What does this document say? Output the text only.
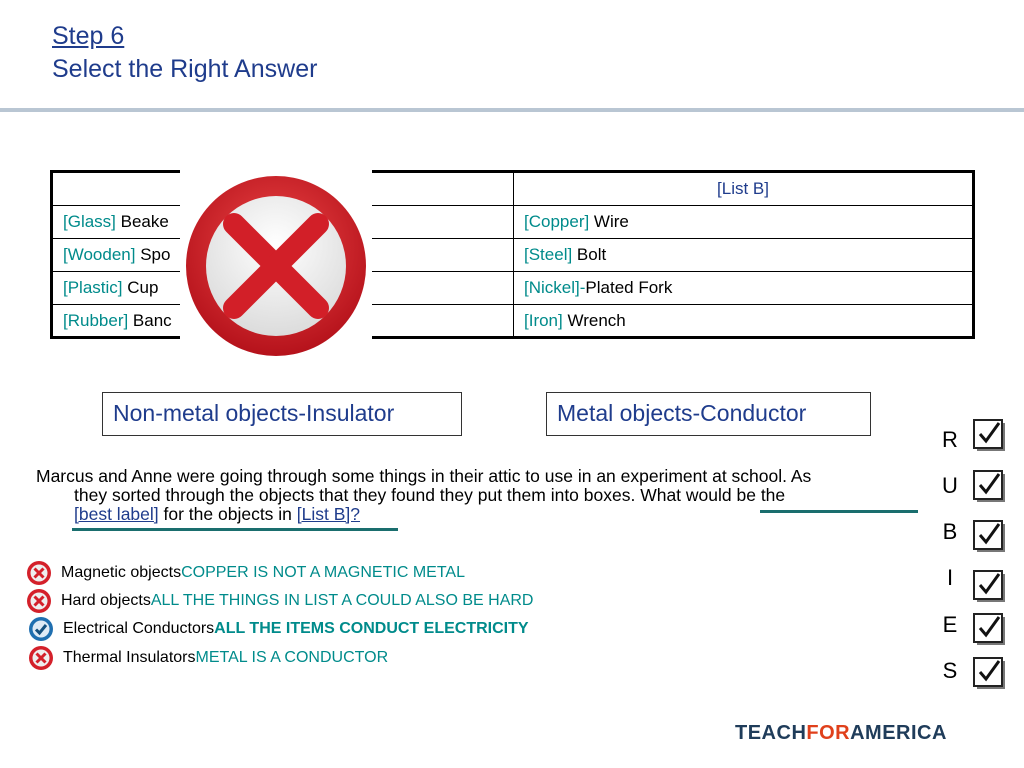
Step 6
Select the Right Answer
	[List B]
[Glass] Beake	[Copper] Wire
[Wooden] Spo	[Steel] Bolt
[Plastic] Cup	[Nickel]-Plated Fork
[Rubber] Banc	[Iron] Wrench
Non-metal objects-Insulator	Metal objects-Conductor
Marcus and Anne were going through some things in their attic to use in an experiment at school. As
they sorted through the objects that they found they put them into boxes. What would be the
[best label] for the objects in [List B]?
Magnetic objects COPPER IS NOT A MAGNETIC METAL
Hard objects ALL THE THINGS IN LIST A COULD ALSO BE HARD
Electrical Conductors ALL THE ITEMS CONDUCT ELECTRICITY
Thermal Insulators METAL IS A CONDUCTOR
R
U
B
I
E
S
TEACHFORAMERICA
